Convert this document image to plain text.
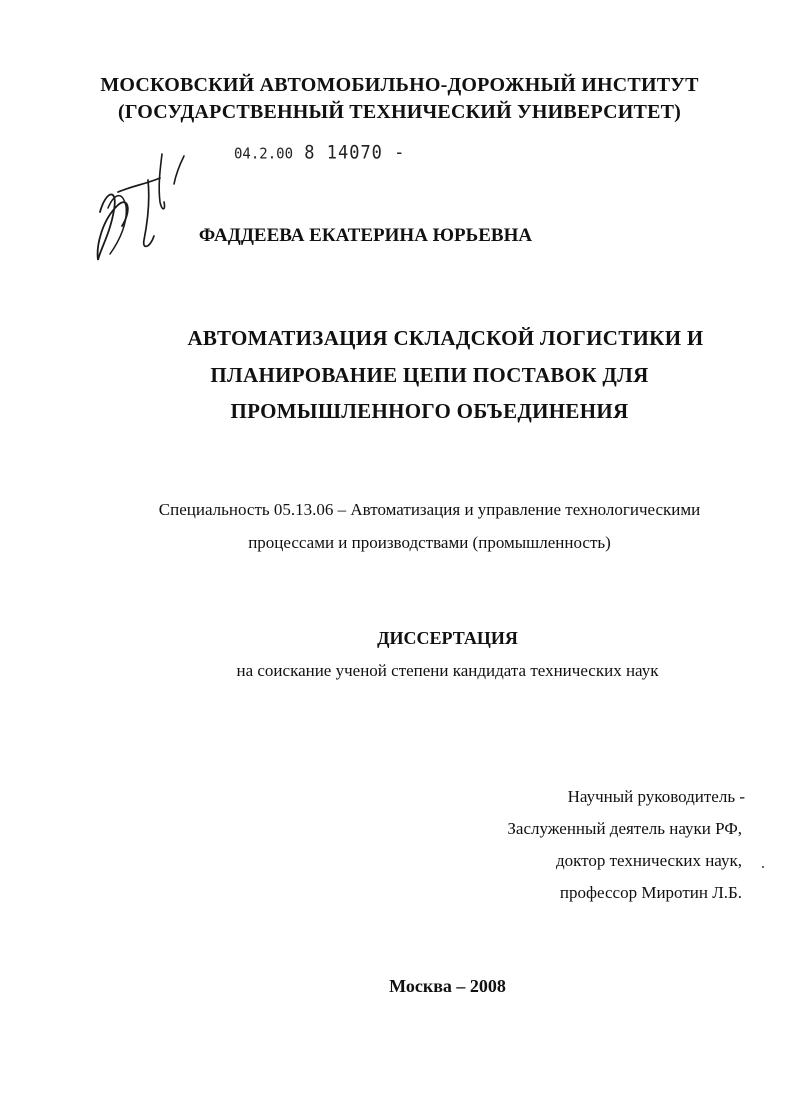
МОСКОВСКИЙ АВТОМОБИЛЬНО-ДОРОЖНЫЙ ИНСТИТУТ
(ГОСУДАРСТВЕННЫЙ ТЕХНИЧЕСКИЙ УНИВЕРСИТЕТ)
04.2.00 8 14070 -
ФАДДЕЕВА ЕКАТЕРИНА ЮРЬЕВНА
АВТОМАТИЗАЦИЯ СКЛАДСКОЙ ЛОГИСТИКИ И
ПЛАНИРОВАНИЕ ЦЕПИ ПОСТАВОК ДЛЯ
ПРОМЫШЛЕННОГО ОБЪЕДИНЕНИЯ
Специальность 05.13.06 – Автоматизация и управление технологическими
процессами и производствами (промышленность)
ДИССЕРТАЦИЯ
на соискание ученой степени кандидата технических наук
Научный руководитель -
Заслуженный деятель науки РФ,
доктор технических наук,
профессор Миротин Л.Б.
Москва – 2008
